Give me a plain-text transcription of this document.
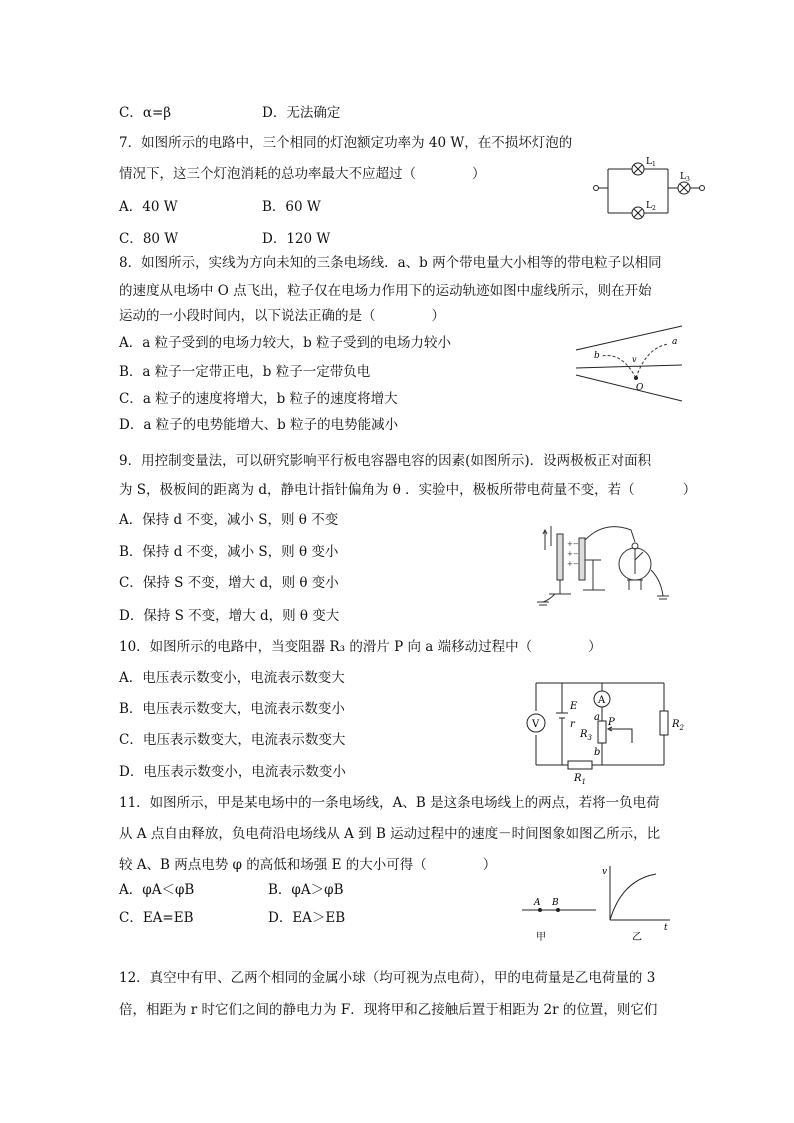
C．α=β	D．无法确定
7．如图所示的电路中，三个相同的灯泡额定功率为 40 W，在不损坏灯泡的
情况下，这三个灯泡消耗的总功率最大不应超过（	）
A．40 W	B．60 W
C．80 W	D．120 W
$L_1$
$L_2$
$L_3$
8．如图所示，实线为方向未知的三条电场线．a、b 两个带电量大小相等的带电粒子以相同
的速度从电场中 O 点飞出，粒子仅在电场力作用下的运动轨迹如图中虚线所示，则在开始
运动的一小段时间内，以下说法正确的是（	）
A．a 粒子受到的电场力较大，b 粒子受到的电场力较小
B．a 粒子一定带正电，b 粒子一定带负电
C．a 粒子的速度将增大，b 粒子的速度将增大
D．a 粒子的电势能增大、b 粒子的电势能减小
a
b	v
O
9．用控制变量法，可以研究影响平行板电容器电容的因素(如图所示)．设两极板正对面积
为 S，极板间的距离为 d，静电计指针偏角为 θ ．实验中，极板所带电荷量不变，若（	）
A．保持 d 不变，减小 S，则 θ 不变
B．保持 d 不变，减小 S，则 θ 变小
C．保持 S 不变，增大 d，则 θ 变小
D．保持 S 不变，增大 d，则 θ 变大
+
+
+
−
−
−
10．如图所示的电路中，当变阻器 R₃ 的滑片 P 向 a 端移动过程中（	）
A．电压表示数变小，电流表示数变大
B．电压表示数变大，电流表示数变小
C．电压表示数变大，电流表示数变大
D．电压表示数变小，电流表示数变小
A
V
E
r
a
b
P
$R_3$
$R_2$
$R_1$
11．如图所示，甲是某电场中的一条电场线，A、B 是这条电场线上的两点，若将一负电荷
从 A 点自由释放，负电荷沿电场线从 A 到 B 运动过程中的速度－时间图象如图乙所示，比
较 A、B 两点电势 φ 的高低和场强 E 的大小可得（	）
A．φA＜φB	B．φA＞φB
C．EA=EB	D．EA＞EB
A B
甲
v
t
乙
12．真空中有甲、乙两个相同的金属小球（均可视为点电荷），甲的电荷量是乙电荷量的 3
倍，相距为 r 时它们之间的静电力为 F．现将甲和乙接触后置于相距为 2r 的位置，则它们
